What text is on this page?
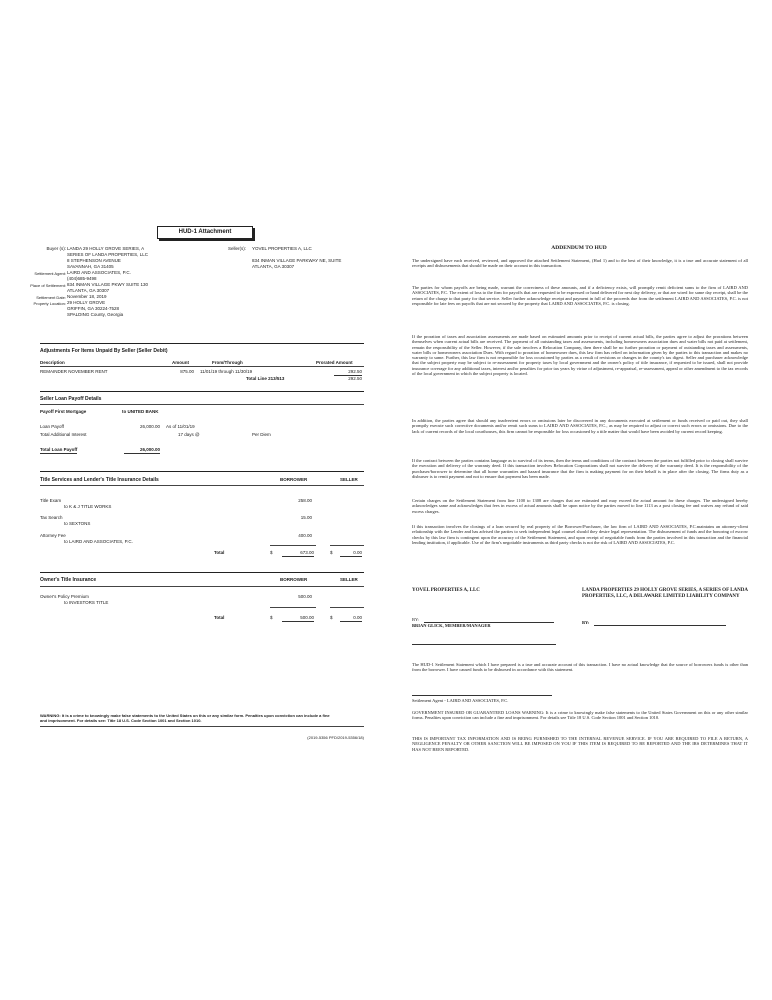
HUD-1 Attachment
Buyer (s): LANDA 29 HOLLY GROVE SERIES, A
SERIES OF LANDA PROPERTIES, LLC
8 STEPHENSON AVENUE
SAVANNAH, GA 31405
Seller(s): YOVEL PROPERTIES A, LLC
834 INMAN VILLAGE PARKWAY NE, SUITE
ATLANTA, GA 30307
Settlement Agent: LAIRD AND ASSOCIATES, P.C.
(404)685-9498
Place of Settlement: 834 INMAN VILLAGE PKWY SUITE 130
ATLANTA, GA 30307
Settlement Date: November 18, 2019
Property Location: 29 HOLLY GROVE
GRIFFIN, GA 30224-7528
SPALDING County, Georgia
Adjustments For Items Unpaid By Seller (Seller Debit)
Description	Amount	From/Through	Prorated Amount
REMAINDER NOVEMBER RENT	875.00 11/01/19 through 11/30/19	292.50
Total Line 213/513	292.50
Seller Loan Payoff Details
Payoff First Mortgage	to UNITED BANK
Loan Payoff	26,000.00 As of 11/01/19
Total Additional Interest	17 days @	Per Diem
Total Loan Payoff	26,000.00
Title Services and Lender's Title Insurance Details	BORROWER	SELLER
Title Exam
to K & J TITLE WORKS
258.00
Tax Search
to SEXTONS
15.00
Attorney Fee
to LAIRD AND ASSOCIATES, P.C.
400.00
Total	$	673.00	$	0.00
Owner's Title Insurance	BORROWER	SELLER
Owner's Policy Premium
to INVESTORS TITLE
500.00
Total	$	500.00	$	0.00
WARNING: It is a crime to knowingly make false statements to the United States on this or any similar form. Penalties upon conviction can include a fine
and imprisonment. For details see: Title 18 U.S. Code Section 1001 and Section 1010.
(2019-5356 PFD/2019-5356/18)
ADDENDUM TO HUD
The undersigned have each received, reviewed, and approved the attached Settlement Statement, (Hud 1) and to the best of their knowledge, it is a true and accurate statement of all receipts and disbursements that should be made on their account in this transaction.
The parties for whom payoffs are being made, warrant the correctness of these amounts, and if a deficiency exists, will promptly remit deficient sums to the firm of LAIRD AND ASSOCIATES, P.C. The extent of loss to the firm for payoffs that are requested to be expressed or hand delivered for next day delivery, or that are wired for same day receipt, shall be the return of the charge to that party for that service. Seller further acknowledge receipt and payment in full of the proceeds due from the settlement LAIRD AND ASSOCIATES, P.C. is not responsible for late fees on payoffs that are not secured by the property that LAIRD AND ASSOCIATES, P.C. is closing.
If the proration of taxes and association assessments are made based on estimated amounts prior to receipt of current actual bills, the parties agree to adjust the prorations between themselves when current actual bills are received. The payment of all outstanding taxes and assessments, including homeowners association dues and water bills not paid at settlement, remain the responsibility of the Seller. However, if the sale involves a Relocation Company, then there shall be no further proration or payment of outstanding taxes and assessments, water bills or homeowners association Dues. With regard to proration of homeowner dues, this law firm has relied on information given by the parties to this transaction and makes no warranty to same. Further, this law firm is not responsible for loss occasioned by parties as a result of revisions or changes in the county's tax digest. Seller and purchaser acknowledge that the subject property may be subject to re-assessment for property taxes by local government and the owner's policy of title insurance, if requested to be issued, shall not provide insurance coverage for any additional taxes, interest and/or penalties for prior tax years by virtue of adjustment, re-appraisal, re-assessment, appeal or other amendment to the tax records of the local government in which the subject property is located.
In addition, the parties agree that should any inadvertent errors or omissions later be discovered in any documents executed at settlement or funds received or paid out, they shall promptly execute such corrective documents and/or remit such sums to LAIRD AND ASSOCIATES, P.C., as may be required to adjust or correct such errors or omissions. Due to the lack of current records of the local courthouses, this firm cannot be responsible for loss occasioned by a title matter that would have been avoided by current record keeping.
If the contract between the parties contains language as to survival of its terms, then the terms and conditions of the contract between the parties not fulfilled prior to closing shall survive the execution and delivery of the warranty deed. If this transaction involves Relocation Corporations shall not survive the delivery of the warranty deed. It is the responsibility of the purchaser/borrower to determine that all home warranties and hazard insurance that the firm is making payment for on their behalf is in place after the closing. The firms duty as a disburser is to remit payment and not to ensure that payment has been made.
Certain charges on the Settlement Statement from line 1100 to 1308 are charges that are estimated and may exceed the actual amount for these charges. The undersigned hereby acknowledges same and acknowledges that fees in excess of actual amounts shall be upon notice by the parties moved to line 1113 as a post closing fee and waives any refund of said excess charges.
If this transaction involves the closings of a loan secured by real property of the Borrower/Purchaser, the law firm of LAIRD AND ASSOCIATES, P.C.maintains an attorney-client relationship with the Lender and has advised the parties to seek independent legal counsel should they desire legal representation. The disbursement of funds and the honoring of escrow checks by this law firm is contingent upon the accuracy of the Settlement Statement, and upon receipt of negotiable funds from the parties involved in this transaction and the financial lending institution, if applicable. Use of the firm's negotiable instruments as third party checks is not the risk of LAIRD AND ASSOCIATES, P.C.
YOVEL PROPERTIES A, LLC	LANDA PROPERTIES 29 HOLLY GROVE SERIES, A SERIES OF LANDA PROPERTIES, LLC, A DELAWARE LIMITED LIABILITY COMPANY
BY:
BRIAN GLICK, MEMBER/MANAGER
BY:
The HUD-1 Settlement Statement which I have prepared is a true and accurate account of this transaction. I have no actual knowledge that the source of borrowers funds is other than from the borrower. I have caused funds to be disbursed in accordance with this statement.
Settlement Agent - LAIRD AND ASSOCIATES, P.C.
GOVERNMENT INSURED OR GUARANTEED LOANS WARNING: It is a crime to knowingly make false statements to the United States Government on this or any other similar forms. Penalties upon conviction can include a fine and imprisonment. For details see Title 18 U.S. Code Section 1001 and Section 1010.
THIS IS IMPORTANT TAX INFORMATION AND IS BEING FURNISHED TO THE INTERNAL REVENUE SERVICE. IF YOU ARE REQUIRED TO FILE A RETURN, A NEGLIGENCE PENALTY OR OTHER SANCTION WILL BE IMPOSED ON YOU IF THIS ITEM IS REQUIRED TO BE REPORTED AND THE IRS DETERMINES THAT IT HAS NOT BEEN REPORTED.
